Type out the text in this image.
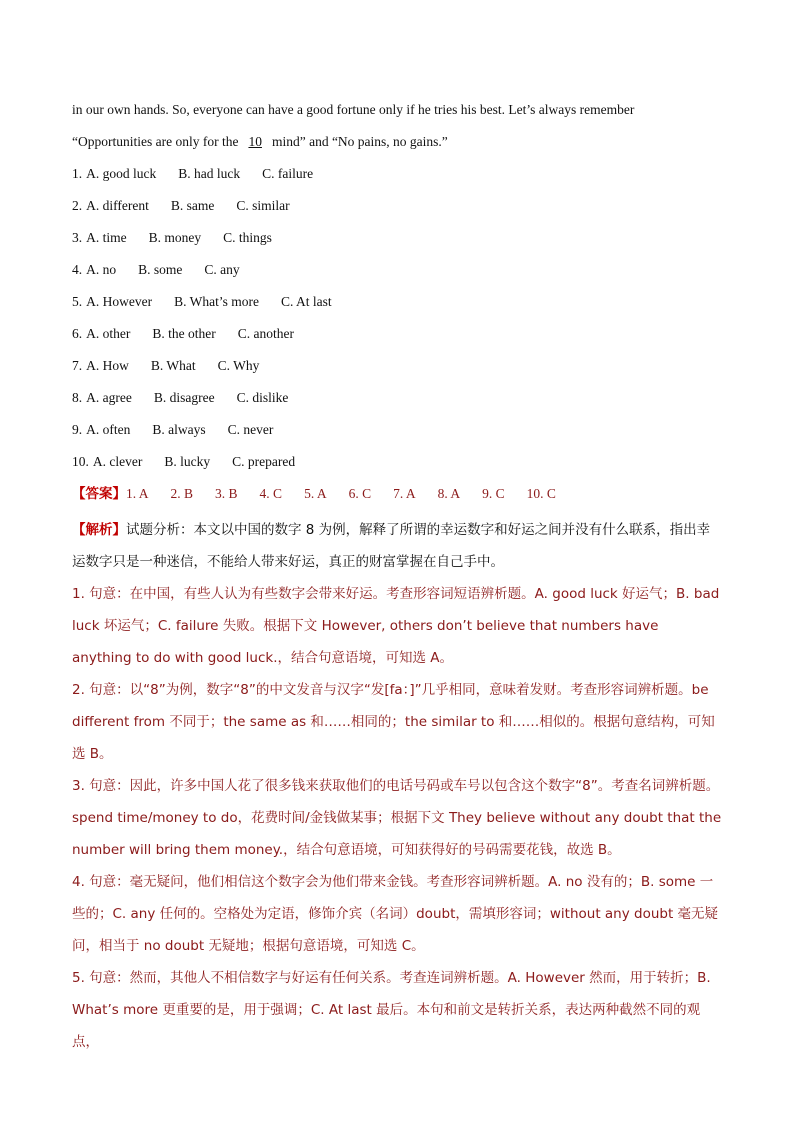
in our own hands. So, everyone can have a good fortune only if he tries his best. Let’s always remember
“Opportunities are only for the 10 mind” and “No pains, no gains.”
1. A. good luck B. had luck C. failure
2. A. different B. same C. similar
3. A. time B. money C. things
4. A. no B. some C. any
5. A. However B. What’s more C. At last
6. A. other B. the other C. another
7. A. How B. What C. Why
8. A. agree B. disagree C. dislike
9. A. often B. always C. never
10. A. clever B. lucky C. prepared
【答案】1. A 2. B 3. B 4. C 5. A 6. C 7. A 8. A 9. C 10. C
【解析】试题分析：本文以中国的数字 8 为例，解释了所谓的幸运数字和好运之间并没有什么联系，指出幸运数字只是一种迷信，不能给人带来好运，真正的财富掌握在自己手中。
1. 句意：在中国，有些人认为有些数字会带来好运。考查形容词短语辨析题。A. good luck 好运气；B. bad luck 坏运气；C. failure 失败。根据下文 However, others don’t believe that numbers have anything to do with good luck.，结合句意语境，可知选 A。
2. 句意：以“8”为例，数字“8”的中文发音与汉字“发[fa：]”几乎相同，意味着发财。考查形容词辨析题。be different from 不同于；the same as 和……相同的；the similar to 和……相似的。根据句意结构，可知选 B。
3. 句意：因此，许多中国人花了很多钱来获取他们的电话号码或车号以包含这个数字“8”。考查名词辨析题。spend time/money to do，花费时间/金钱做某事；根据下文 They believe without any doubt that the number will bring them money.，结合句意语境，可知获得好的号码需要花钱，故选 B。
4. 句意：毫无疑问，他们相信这个数字会为他们带来金钱。考查形容词辨析题。A. no 没有的；B. some 一些的；C. any 任何的。空格处为定语，修饰介宾（名词）doubt，需填形容词；without any doubt 毫无疑问，相当于 no doubt 无疑地；根据句意语境，可知选 C。
5. 句意：然而，其他人不相信数字与好运有任何关系。考查连词辨析题。A. However 然而，用于转折；B. What’s more 更重要的是，用于强调；C. At last 最后。本句和前文是转折关系，表达两种截然不同的观点，
